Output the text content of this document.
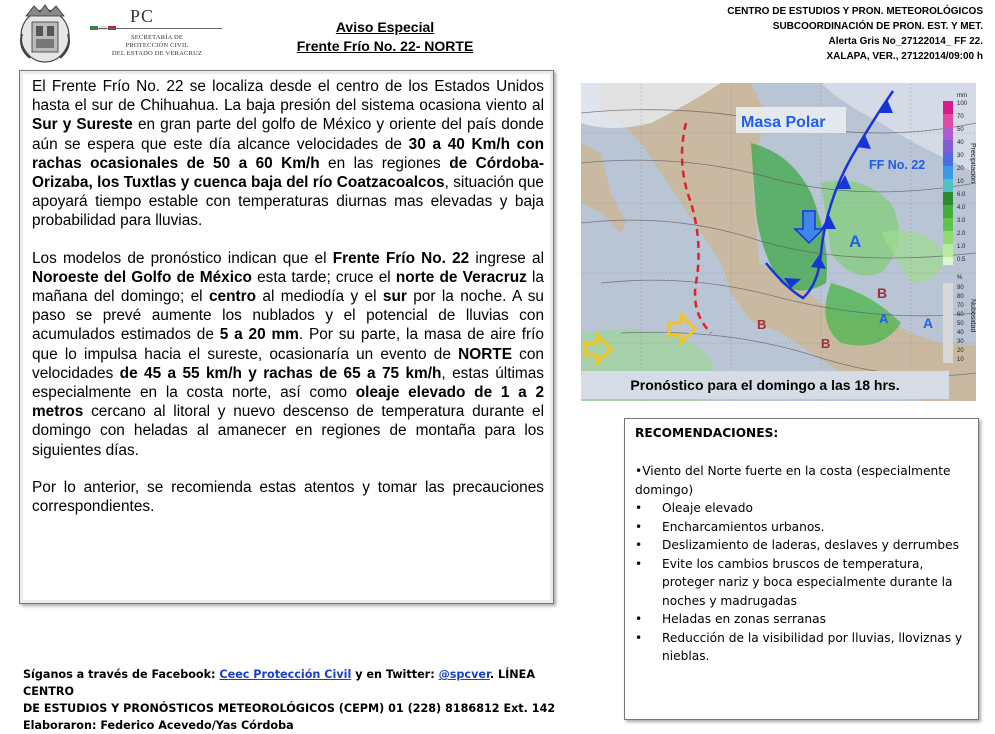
PC
SECRETARÍA DE
PROTECCIÓN CIVIL
DEL ESTADO DE VERACRUZ
Aviso Especial
Frente Frío No. 22- NORTE
CENTRO DE ESTUDIOS Y PRON. METEOROLÓGICOS
SUBCOORDINACIÓN DE PRON. EST. Y MET.
Alerta Gris No_27122014_ FF 22.
XALAPA, VER., 27122014/09:00 h

El Frente Frío No. 22 se localiza desde el centro de los Estados Unidos hasta el sur de Chihuahua. La baja presión del sistema ocasiona viento al Sur y Sureste en gran parte del golfo de México y oriente del país donde aún se espera que este día alcance velocidades de 30 a 40 Km/h con rachas ocasionales de 50 a 60 Km/h en las regiones de Córdoba-Orizaba, los Tuxtlas y cuenca baja del río Coatzacoalcos, situación que apoyará tiempo estable con temperaturas diurnas mas elevadas y baja probabilidad para lluvias.

Los modelos de pronóstico indican que el Frente Frío No. 22 ingrese al Noroeste del Golfo de México esta tarde; cruce el norte de Veracruz la mañana del domingo; el centro al mediodía y el sur por la noche. A su paso se prevé aumente los nublados y el potencial de lluvias con acumulados estimados de 5 a 20 mm. Por su parte, la masa de aire frío que lo impulsa hacia el sureste, ocasionaría un evento de NORTE con velocidades de 45 a 55 km/h y rachas de 65 a 75 km/h, estas últimas especialmente en la costa norte, así como oleaje elevado de 1 a 2 metros cercano al litoral y nuevo descenso de temperatura durante el domingo con heladas al amanecer en regiones de montaña para los siguientes días.

Por lo anterior, se recomienda estas atentos y tomar las precauciones correspondientes.

A
B
A A
B
B
Masa Polar
FF No. 22
mm
100
70
50
40
30
20
10
6.0
4.0
3.0
2.0
1.0
0.5
Precipitación
%
90
80
70
60
50
40
30
20
10
Nubosidad
Pronóstico para el domingo a las 18 hrs.
RECOMENDACIONES:
•Viento del Norte fuerte en la costa (especialmente domingo)
• Oleaje elevado
• Encharcamientos urbanos.
• Deslizamiento de laderas, deslaves y derrumbes
• Evite los cambios bruscos de temperatura, proteger nariz y boca especialmente durante la noches y madrugadas
• Heladas en zonas serranas
• Reducción de la visibilidad por lluvias, lloviznas y nieblas.
Síganos a través de Facebook: Ceec Protección Civil y en Twitter: @spcver. LÍNEA CENTRO
DE ESTUDIOS Y PRONÓSTICOS METEOROLÓGICOS (CEPM) 01 (228) 8186812 Ext. 142
Elaboraron: Federico Acevedo/Yas Córdoba
